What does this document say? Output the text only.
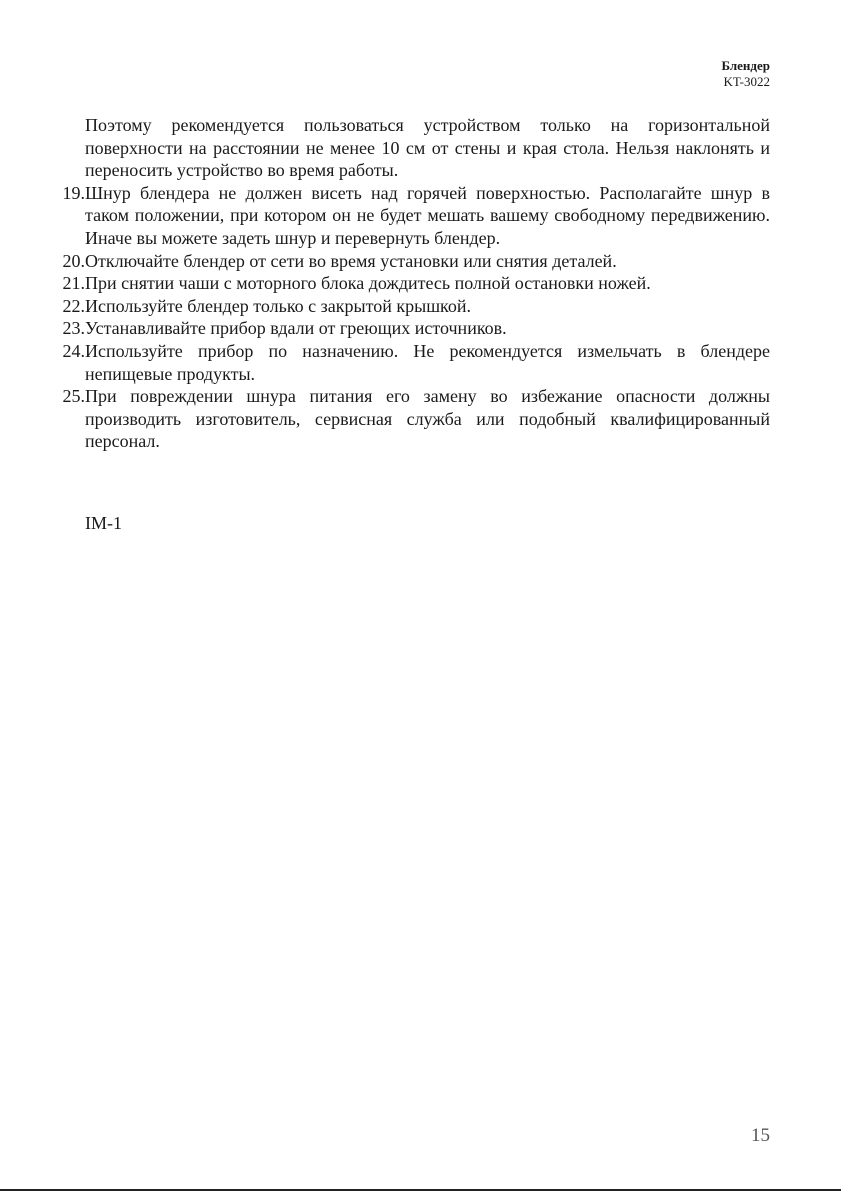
Блендер
KT-3022
Поэтому рекомендуется пользоваться устройством только на горизонтальной поверхности на расстоянии не менее 10 см от стены и края стола. Нельзя наклонять и переносить устройство во время работы.
19. Шнур блендера не должен висеть над горячей поверхностью. Располагайте шнур в таком положении, при котором он не будет мешать вашему свободному передвижению. Иначе вы можете задеть шнур и перевернуть блендер.
20. Отключайте блендер от сети во время установки или снятия деталей.
21. При снятии чаши с моторного блока дождитесь полной остановки ножей.
22. Используйте блендер только с закрытой крышкой.
23. Устанавливайте прибор вдали от греющих источников.
24. Используйте прибор по назначению. Не рекомендуется измельчать в блендере непищевые продукты.
25. При повреждении шнура питания его замену во избежание опасности должны производить изготовитель, сервисная служба или подобный квалифицированный персонал.
IM-1
15
